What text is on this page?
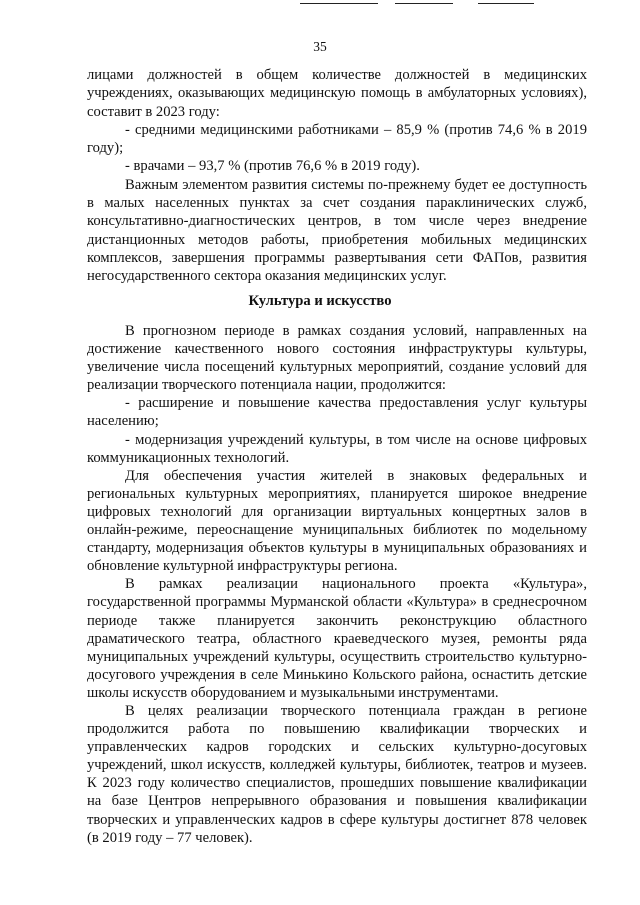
35

лицами должностей в общем количестве должностей в медицинских учреждениях, оказывающих медицинскую помощь в амбулаторных условиях), составит в 2023 году:

- средними медицинскими работниками – 85,9 % (против 74,6 % в 2019 году);

- врачами – 93,7 % (против 76,6 % в 2019 году).

Важным элементом развития системы по-прежнему будет ее доступность в малых населенных пунктах за счет создания параклинических служб, консультативно-диагностических центров, в том числе через внедрение дистанционных методов работы, приобретения мобильных медицинских комплексов, завершения программы развертывания сети ФАПов, развития негосударственного сектора оказания медицинских услуг.

Культура и искусство

В прогнозном периоде в рамках создания условий, направленных на достижение качественного нового состояния инфраструктуры культуры, увеличение числа посещений культурных мероприятий, создание условий для реализации творческого потенциала нации, продолжится:

- расширение и повышение качества предоставления услуг культуры населению;

- модернизация учреждений культуры, в том числе на основе цифровых коммуникационных технологий.

Для обеспечения участия жителей в знаковых федеральных и региональных культурных мероприятиях, планируется широкое внедрение цифровых технологий для организации виртуальных концертных залов в онлайн-режиме, переоснащение муниципальных библиотек по модельному стандарту, модернизация объектов культуры в муниципальных образованиях и обновление культурной инфраструктуры региона.

В рамках реализации национального проекта «Культура», государственной программы Мурманской области «Культура» в среднесрочном периоде также планируется закончить реконструкцию областного драматического театра, областного краеведческого музея, ремонты ряда муниципальных учреждений культуры, осуществить строительство культурно-досугового учреждения в селе Минькино Кольского района, оснастить детские школы искусств оборудованием и музыкальными инструментами.

В целях реализации творческого потенциала граждан в регионе продолжится работа по повышению квалификации творческих и управленческих кадров городских и сельских культурно-досуговых учреждений, школ искусств, колледжей культуры, библиотек, театров и музеев. К 2023 году количество специалистов, прошедших повышение квалификации на базе Центров непрерывного образования и повышения квалификации творческих и управленческих кадров в сфере культуры достигнет 878 человек (в 2019 году – 77 человек).
